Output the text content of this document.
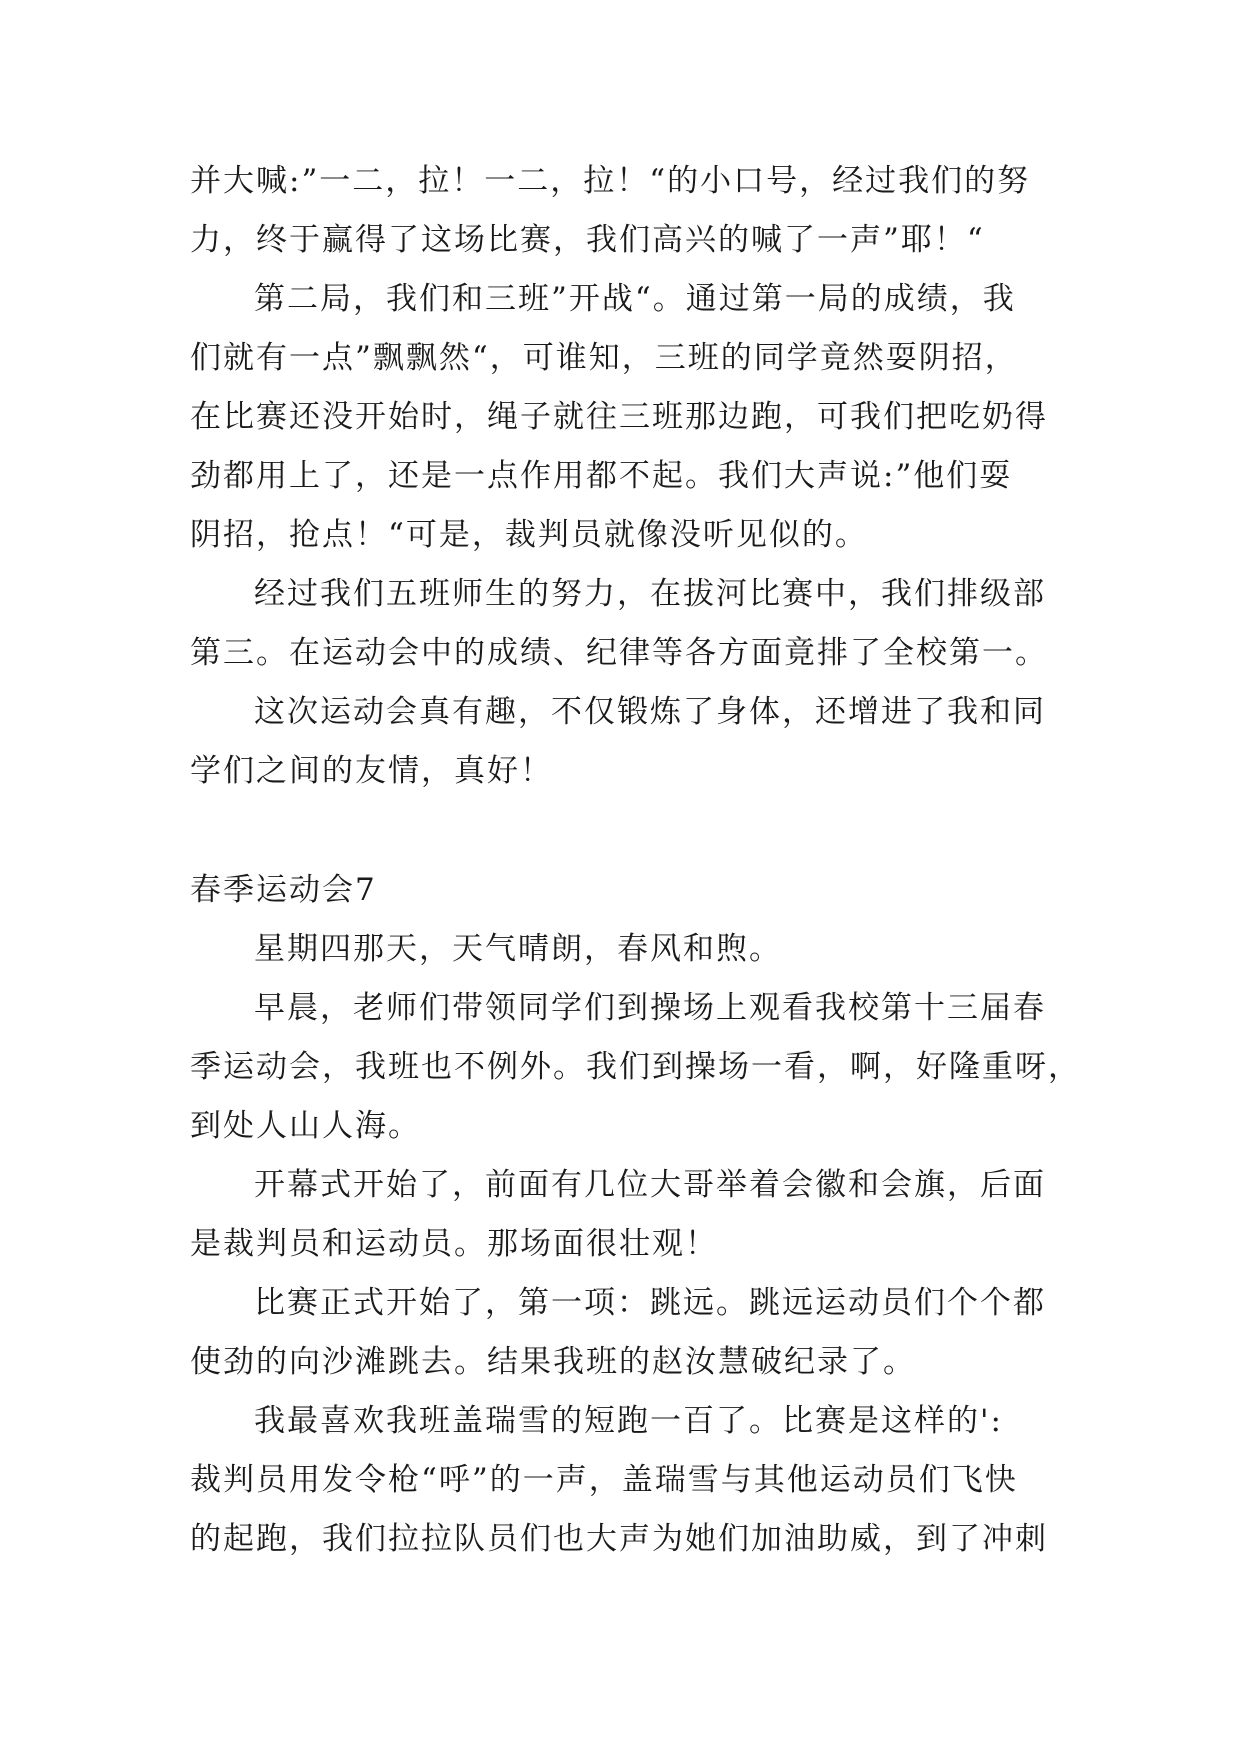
并大喊:”一二，拉！一二，拉！“的小口号，经过我们的努
力，终于赢得了这场比赛，我们高兴的喊了一声”耶！“
第二局，我们和三班”开战“。通过第一局的成绩，我
们就有一点”飘飘然“，可谁知，三班的同学竟然耍阴招，
在比赛还没开始时，绳子就往三班那边跑，可我们把吃奶得
劲都用上了，还是一点作用都不起。我们大声说:”他们耍
阴招，抢点！“可是，裁判员就像没听见似的。
经过我们五班师生的努力，在拔河比赛中，我们排级部
第三。在运动会中的成绩、纪律等各方面竟排了全校第一。
这次运动会真有趣，不仅锻炼了身体，还增进了我和同
学们之间的友情，真好！
春季运动会7
星期四那天，天气晴朗，春风和煦。
早晨，老师们带领同学们到操场上观看我校第十三届春
季运动会，我班也不例外。我们到操场一看，啊，好隆重呀，
到处人山人海。
开幕式开始了，前面有几位大哥举着会徽和会旗，后面
是裁判员和运动员。那场面很壮观！
比赛正式开始了，第一项：跳远。跳远运动员们个个都
使劲的向沙滩跳去。结果我班的赵汝慧破纪录了。
我最喜欢我班盖瑞雪的短跑一百了。比赛是这样的':
裁判员用发令枪“呼”的一声，盖瑞雪与其他运动员们飞快
的起跑，我们拉拉队员们也大声为她们加油助威，到了冲刺
